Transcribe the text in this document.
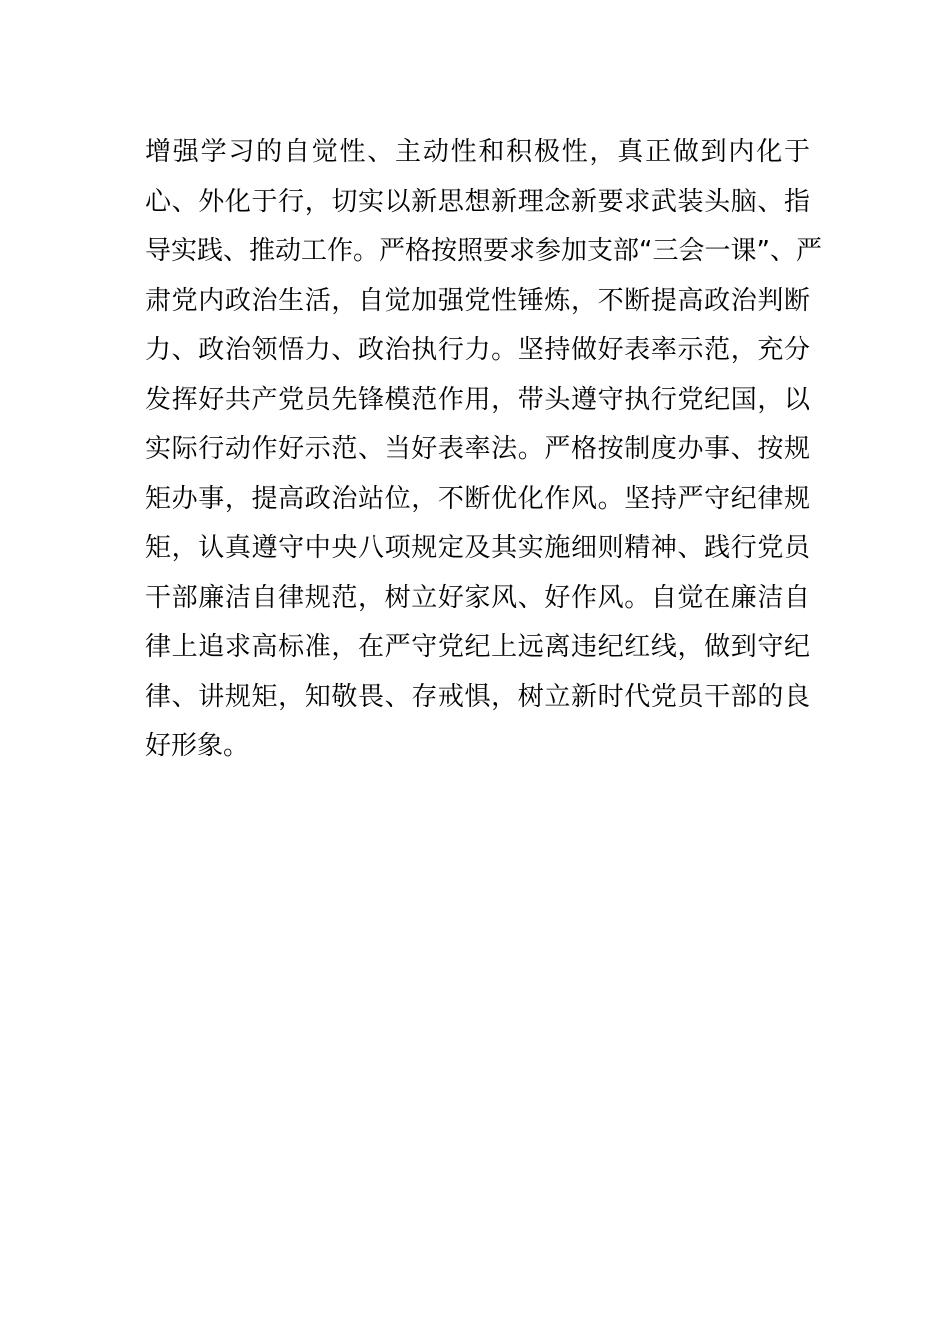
增强学习的自觉性、主动性和积极性，真正做到内化于
心、外化于行，切实以新思想新理念新要求武装头脑、指
导实践、推动工作。严格按照要求参加支部“三会一课”、严
肃党内政治生活，自觉加强党性锤炼，不断提高政治判断
力、政治领悟力、政治执行力。坚持做好表率示范，充分
发挥好共产党员先锋模范作用，带头遵守执行党纪国，以
实际行动作好示范、当好表率法。严格按制度办事、按规
矩办事，提高政治站位，不断优化作风。坚持严守纪律规
矩，认真遵守中央八项规定及其实施细则精神、践行党员
干部廉洁自律规范，树立好家风、好作风。自觉在廉洁自
律上追求高标准，在严守党纪上远离违纪红线，做到守纪
律、讲规矩，知敬畏、存戒惧，树立新时代党员干部的良
好形象。
